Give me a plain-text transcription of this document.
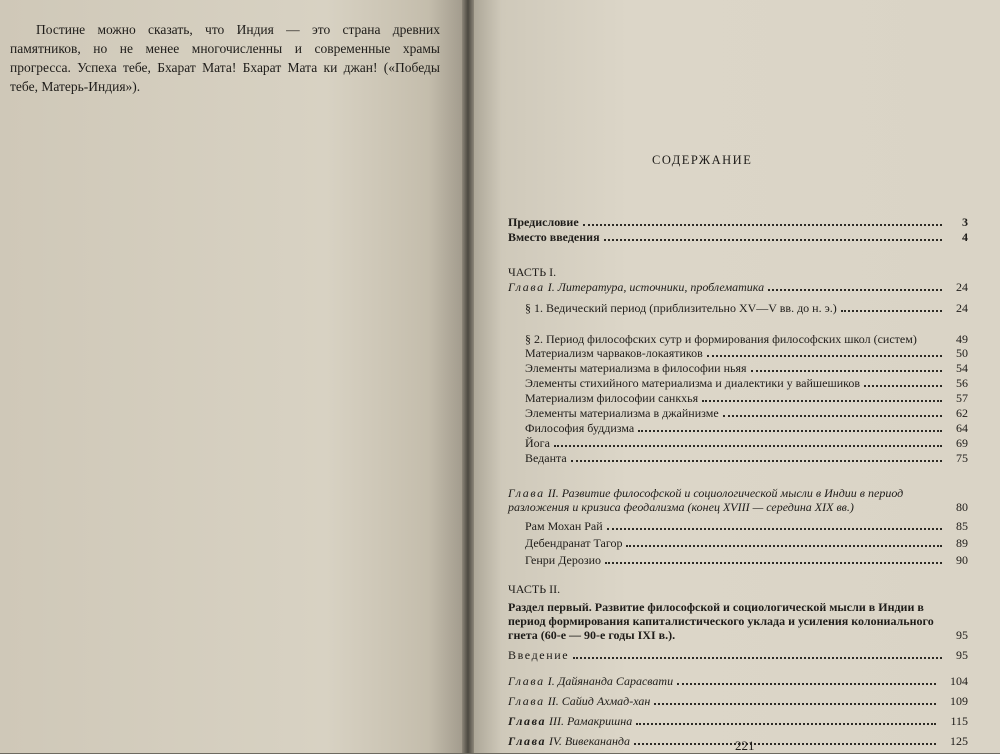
Постине можно сказать, что Индия — это страна древних памятников, но не менее многочисленны и современные храмы прогресса. Успеха тебе, Бхарат Мата! Бхарат Мата ки джан! («Победы тебе, Матерь-Индия»).

СОДЕРЖАНИЕ
Предисловие	3
Вместо введения	4
ЧАСТЬ I.
Глава I. Литература, источники, проблематика	24
§ 1. Ведический период (приблизительно XV—V вв. до н. э.)	24
§ 2. Период философских сутр и формирования философских школ (систем)	49
Материализм чарваков-локаятиков	50
Элементы материализма в философии ньяя	54
Элементы стихийного материализма и диалектики у вайшешиков	56
Материализм философии санкхья	57
Элементы материализма в джайнизме	62
Философия буддизма	64
Йога	69
Веданта	75
Глава II. Развитие философской и социологической мысли в Индии в период разложения и кризиса феодализма (конец XVIII — середина XIX вв.)	80
Рам Мохан Рай	85
Дебендранат Тагор	89
Генри Дерозио	90
ЧАСТЬ II.
Раздел первый. Развитие философской и социологической мысли в Индии в период формирования капиталистического уклада и усиления колониального гнета (60-е — 90-е годы IXI в.).	95
Введение	95
Глава I. Дайянанда Сарасвати	104
Глава II. Сайид Ахмад-хан	109
Глава III. Рамакришна	115
Глава IV. Вивекананда	125
221
